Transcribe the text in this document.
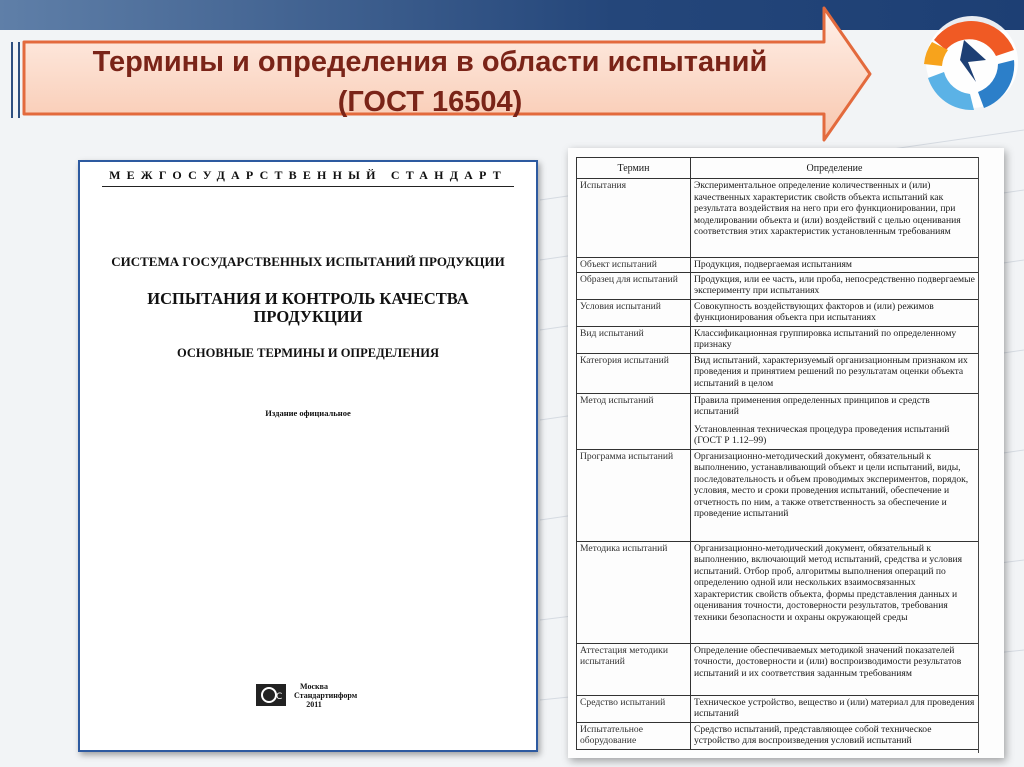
Термины и определения в области испытаний
(ГОСТ 16504)
МЕЖГОСУДАРСТВЕННЫЙ СТАНДАРТ
СИСТЕМА ГОСУДАРСТВЕННЫХ ИСПЫТАНИЙ ПРОДУКЦИИ
ИСПЫТАНИЯ И КОНТРОЛЬ КАЧЕСТВА
ПРОДУКЦИИ
ОСНОВНЫЕ ТЕРМИНЫ И ОПРЕДЕЛЕНИЯ
Издание официальное
C
Москва
Стандартинформ
2011
Термин	Определение
Испытания	Экспериментальное определение количественных и (или) качественных характеристик свойств объекта испытаний как результата воздействия на него при его функционировании, при моделировании объекта и (или) воздействий с целью оценивания соответствия этих характеристик установленным требованиям
Объект испытаний	Продукция, подвергаемая испытаниям
Образец для испытаний	Продукция, или ее часть, или проба, непосредственно подвергаемые эксперименту при испытаниях
Условия испытаний	Совокупность воздействующих факторов и (или) режимов функционирования объекта при испытаниях
Вид испытаний	Классификационная группировка испытаний по определенному признаку
Категория испытаний	Вид испытаний, характеризуемый организационным признаком их проведения и принятием решений по результатам оценки объекта испытаний в целом
Метод испытаний	Правила применения определенных принципов и средств испытаний
Установленная техническая процедура проведения испытаний (ГОСТ Р 1.12–99)

Программа испытаний	Организационно-методический документ, обязательный к выполнению, устанавливающий объект и цели испытаний, виды, последовательность и объем проводимых экспериментов, порядок, условия, место и сроки проведения испытаний, обеспечение и отчетность по ним, а также ответственность за обеспечение и проведение испытаний
Методика испытаний	Организационно-методический документ, обязательный к выполнению, включающий метод испытаний, средства и условия испытаний. Отбор проб, алгоритмы выполнения операций по определению одной или нескольких взаимосвязанных характеристик свойств объекта, формы представления данных и оценивания точности, достоверности результатов, требования техники безопасности и охраны окружающей среды
Аттестация методики испытаний	Определение обеспечиваемых методикой значений показателей точности, достоверности и (или) воспроизводимости результатов испытаний и их соответствия заданным требованиям
Средство испытаний	Техническое устройство, вещество и (или) материал для проведения испытаний
Испытательное оборудование	Средство испытаний, представляющее собой техническое устройство для воспроизведения условий испытаний
